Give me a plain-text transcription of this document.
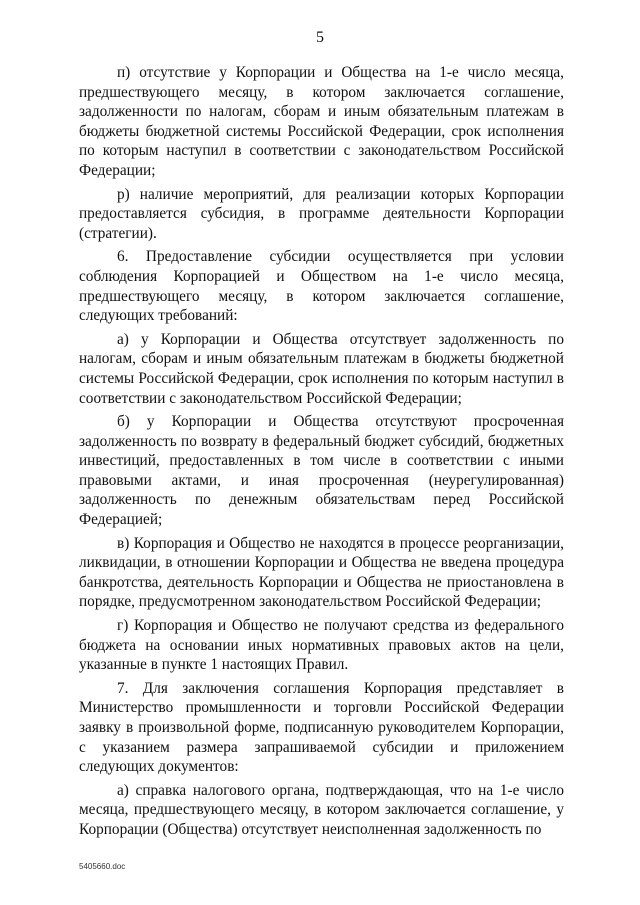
5

п) отсутствие у Корпорации и Общества на 1-е число месяца, предшествующего месяцу, в котором заключается соглашение, задолженности по налогам, сборам и иным обязательным платежам в бюджеты бюджетной системы Российской Федерации, срок исполнения по которым наступил в соответствии с законодательством Российской Федерации;

р) наличие мероприятий, для реализации которых Корпорации предоставляется субсидия, в программе деятельности Корпорации (стратегии).

6. Предоставление субсидии осуществляется при условии соблюдения Корпорацией и Обществом на 1-е число месяца, предшествующего месяцу, в котором заключается соглашение, следующих требований:

а) у Корпорации и Общества отсутствует задолженность по налогам, сборам и иным обязательным платежам в бюджеты бюджетной системы Российской Федерации, срок исполнения по которым наступил в соответствии с законодательством Российской Федерации;

б) у Корпорации и Общества отсутствуют просроченная задолженность по возврату в федеральный бюджет субсидий, бюджетных инвестиций, предоставленных в том числе в соответствии с иными правовыми актами, и иная просроченная (неурегулированная) задолженность по денежным обязательствам перед Российской Федерацией;

в) Корпорация и Общество не находятся в процессе реорганизации, ликвидации, в отношении Корпорации и Общества не введена процедура банкротства, деятельность Корпорации и Общества не приостановлена в порядке, предусмотренном законодательством Российской Федерации;

г) Корпорация и Общество не получают средства из федерального бюджета на основании иных нормативных правовых актов на цели, указанные в пункте 1 настоящих Правил.

7. Для заключения соглашения Корпорация представляет в Министерство промышленности и торговли Российской Федерации заявку в произвольной форме, подписанную руководителем Корпорации, с указанием размера запрашиваемой субсидии и приложением следующих документов:

а) справка налогового органа, подтверждающая, что на 1-е число месяца, предшествующего месяцу, в котором заключается соглашение, у Корпорации (Общества) отсутствует неисполненная задолженность по

5405660.doc
